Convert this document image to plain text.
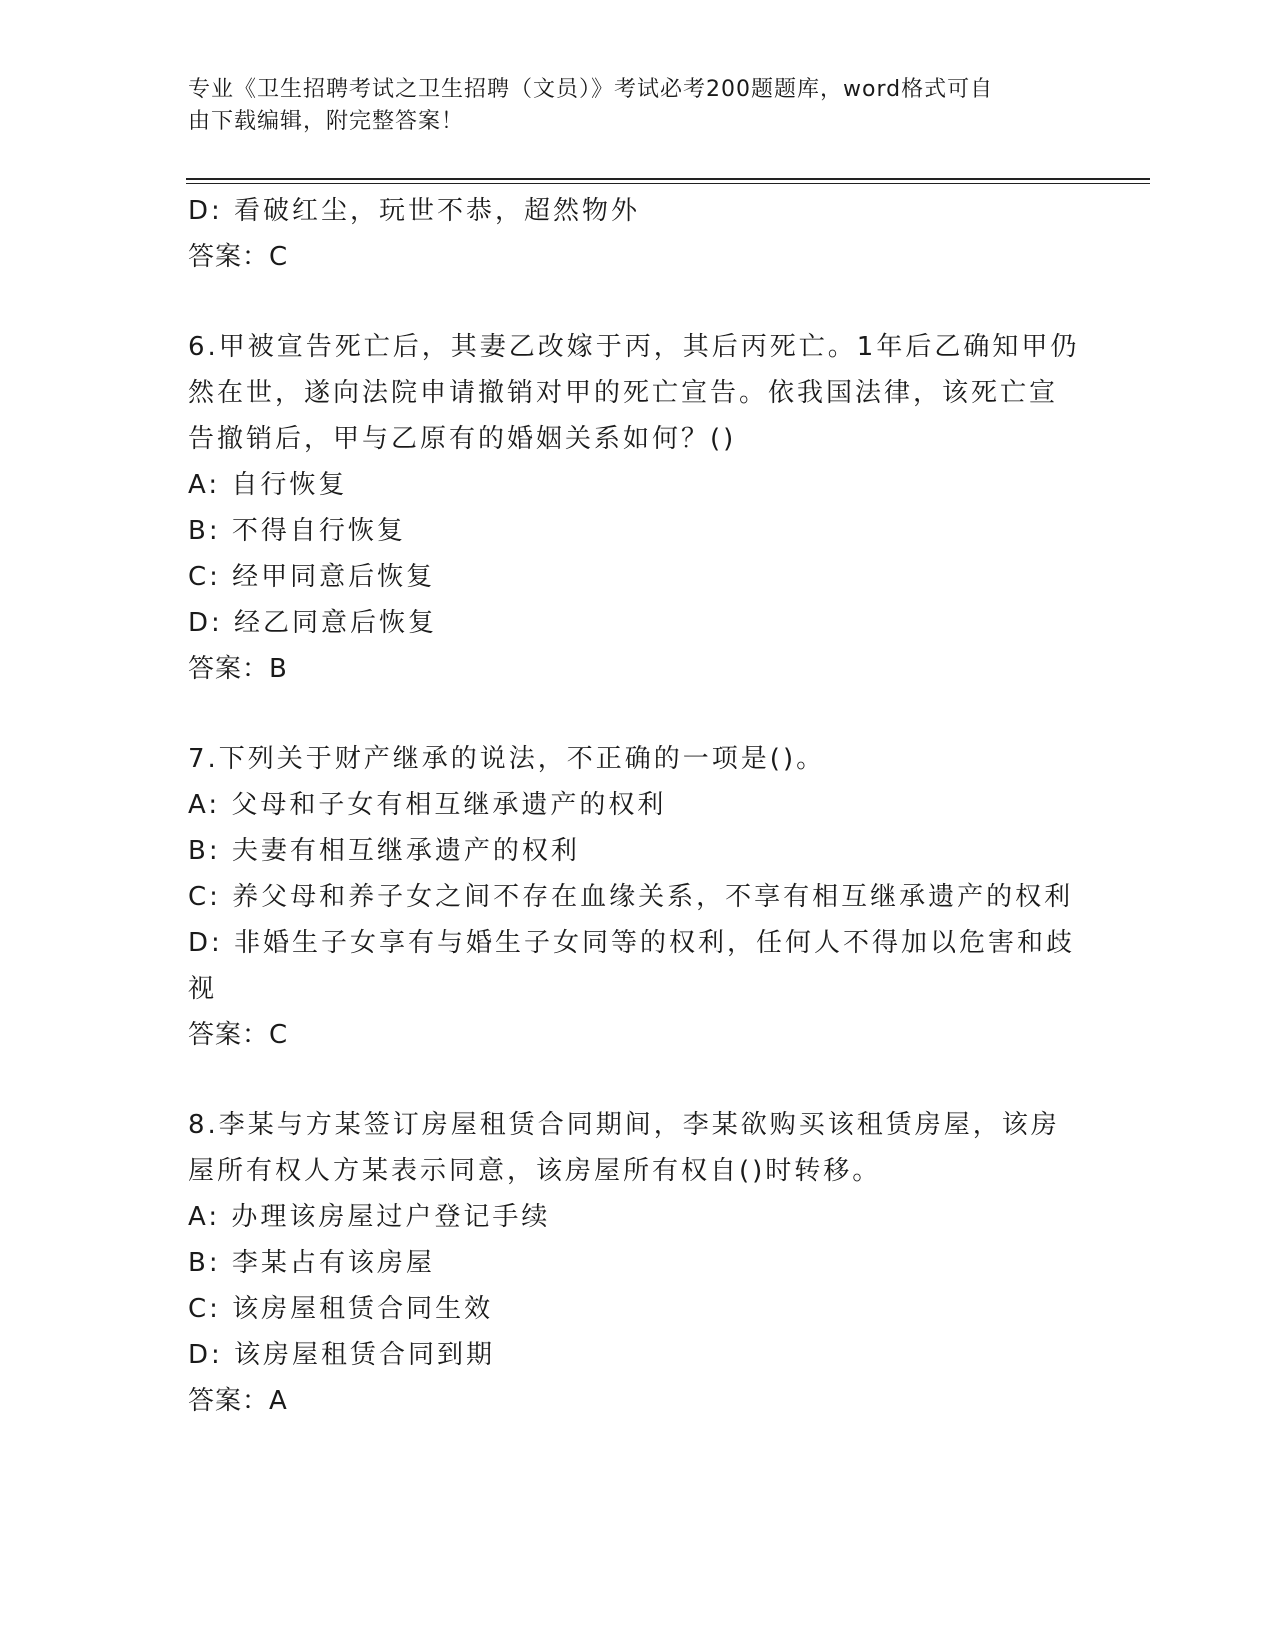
专业《卫生招聘考试之卫生招聘（文员）》考试必考200题题库，word格式可自
由下载编辑，附完整答案！
D: 看破红尘，玩世不恭，超然物外
答案：C
6.甲被宣告死亡后，其妻乙改嫁于丙，其后丙死亡。1年后乙确知甲仍
然在世，遂向法院申请撤销对甲的死亡宣告。依我国法律，该死亡宣
告撤销后，甲与乙原有的婚姻关系如何？()
A: 自行恢复
B: 不得自行恢复
C: 经甲同意后恢复
D: 经乙同意后恢复
答案：B
7.下列关于财产继承的说法，不正确的一项是()。
A: 父母和子女有相互继承遗产的权利
B: 夫妻有相互继承遗产的权利
C: 养父母和养子女之间不存在血缘关系，不享有相互继承遗产的权利
D: 非婚生子女享有与婚生子女同等的权利，任何人不得加以危害和歧
视
答案：C
8.李某与方某签订房屋租赁合同期间，李某欲购买该租赁房屋，该房
屋所有权人方某表示同意，该房屋所有权自()时转移。
A: 办理该房屋过户登记手续
B: 李某占有该房屋
C: 该房屋租赁合同生效
D: 该房屋租赁合同到期
答案：A
